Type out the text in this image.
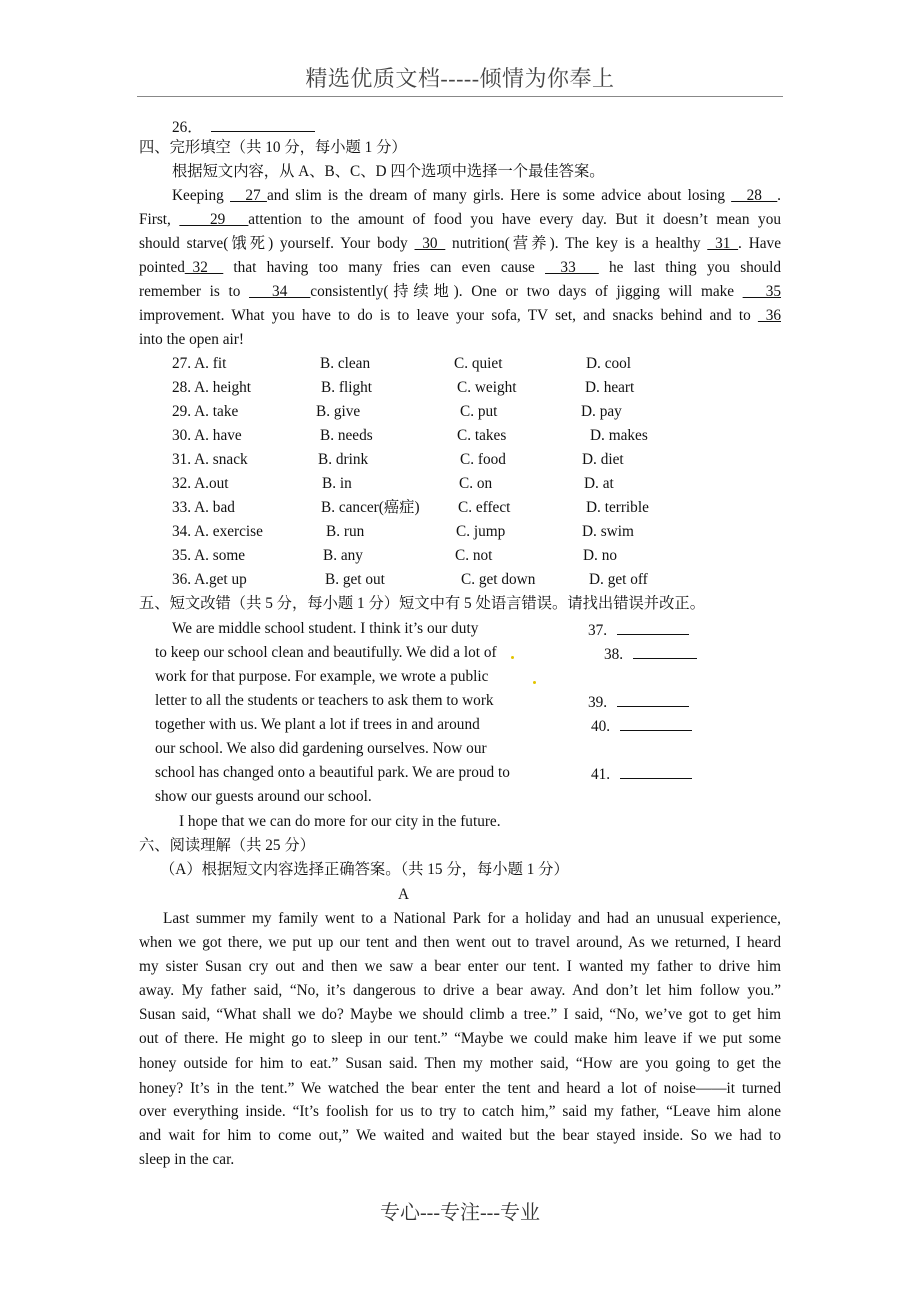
精选优质文档-----倾情为你奉上
26．
四、完形填空（共 10 分，每小题 1 分）
根据短文内容，从 A、B、C、D 四个选项中选择一个最佳答案。
Keeping __27 and slim is the dream of many girls. Here is some advice about losing __28__.
First, ____29___attention to the amount of food you have every day. But it doesn’t mean you
should starve(饿死) yourself. Your body _30_ nutrition(营养). The key is a healthy _31_. Have
pointed_32__ that having too many fries can even cause __33___ he last thing you should
remember is to ___34___consistently(持续地). One or two days of jigging will make ___35
improvement. What you have to do is to leave your sofa, TV set, and snacks behind and to _36
into the open air!
27. A. fit	B. clean	C. quiet	D. cool
28. A. height	B. flight	C. weight	D. heart
29. A. take	B. give	C. put	D. pay
30. A. have	B. needs	C. takes	D. makes
31. A. snack	B. drink	C. food	D. diet
32. A.out	B. in	C. on	D. at
33. A. bad	B. cancer(癌症)	C. effect	D. terrible
34. A. exercise	B. run	C. jump	D. swim
35. A. some	B. any	C. not	D. no
36. A.get up	B. get out	C. get down	D. get off
五、短文改错（共 5 分，每小题 1 分）短文中有 5 处语言错误。请找出错误并改正。
We are middle school student. I think it’s our duty
to keep our school clean and beautifully. We did a lot of
work for that purpose. For example, we wrote a public
letter to all the students or teachers to ask them to work
together with us. We plant a lot if trees in and around
our school. We also did gardening ourselves. Now our
school has changed onto a beautiful park. We are proud to
show our guests around our school.
I hope that we can do more for our city in the future.
37.
38.
39.
40.
41.
六、阅读理解（共 25 分）
（A）根据短文内容选择正确答案。（共 15 分，每小题 1 分）
A
Last summer my family went to a National Park for a holiday and had an unusual experience,
when we got there, we put up our tent and then went out to travel around, As we returned, I heard
my sister Susan cry out and then we saw a bear enter our tent. I wanted my father to drive him
away. My father said, “No, it’s dangerous to drive a bear away. And don’t let him follow you.”
Susan said, “What shall we do? Maybe we should climb a tree.” I said, “No, we’ve got to get him
out of there. He might go to sleep in our tent.” “Maybe we could make him leave if we put some
honey outside for him to eat.” Susan said. Then my mother said, “How are you going to get the
honey? It’s in the tent.” We watched the bear enter the tent and heard a lot of noise——it turned
over everything inside. “It’s foolish for us to try to catch him,” said my father, “Leave him alone
and wait for him to come out,” We waited and waited but the bear stayed inside. So we had to
sleep in the car.
专心---专注---专业
